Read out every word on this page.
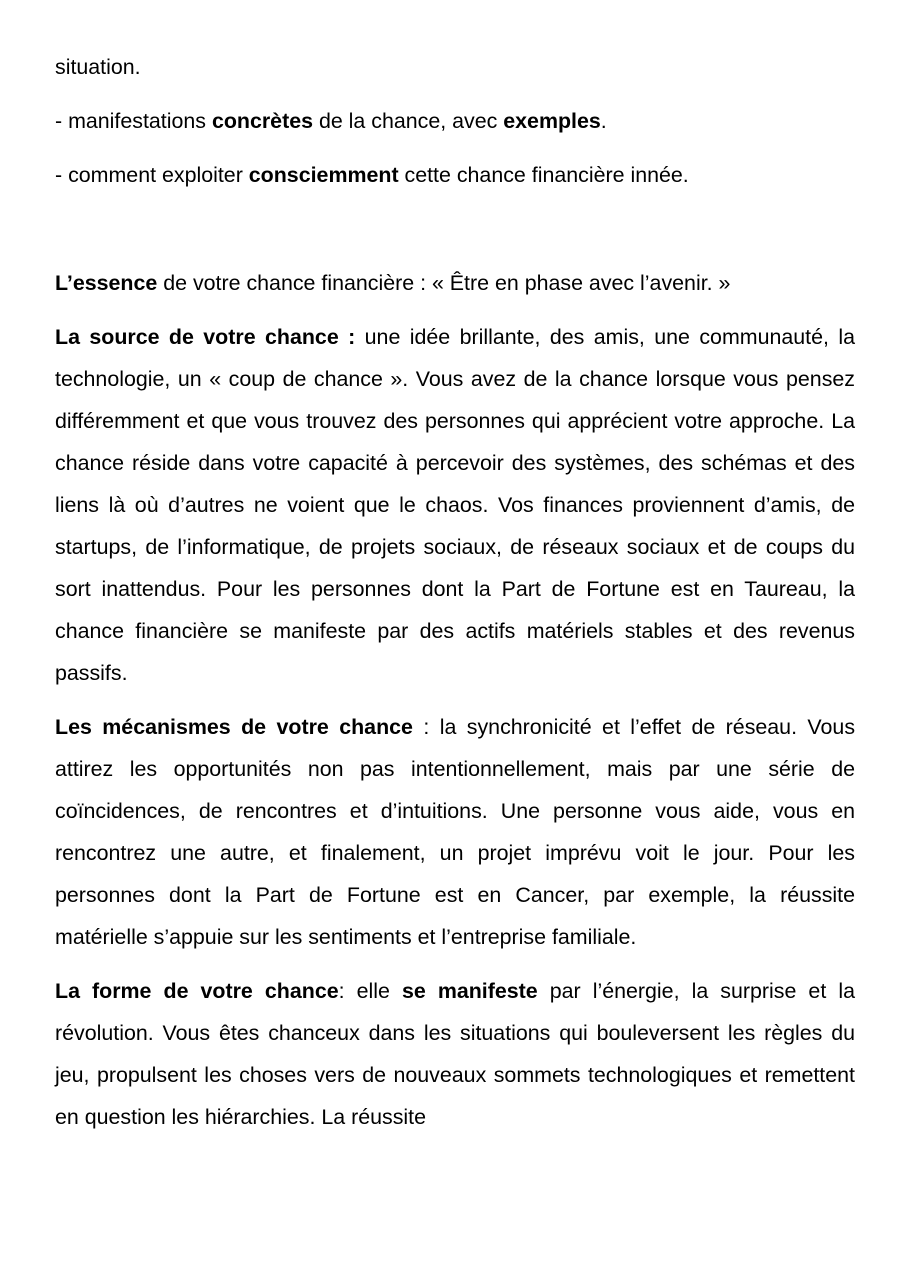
situation.

- manifestations concrètes de la chance, avec exemples.

- comment exploiter consciemment cette chance financière innée.

L’essence de votre chance financière : « Être en phase avec l’avenir. »

La source de votre chance : une idée brillante, des amis, une communauté, la technologie, un « coup de chance ». Vous avez de la chance lorsque vous pensez différemment et que vous trouvez des personnes qui apprécient votre approche. La chance réside dans votre capacité à percevoir des systèmes, des schémas et des liens là où d’autres ne voient que le chaos. Vos finances proviennent d’amis, de startups, de l’informatique, de projets sociaux, de réseaux sociaux et de coups du sort inattendus. Pour les personnes dont la Part de Fortune est en Taureau, la chance financière se manifeste par des actifs matériels stables et des revenus passifs.

Les mécanismes de votre chance : la synchronicité et l’effet de réseau. Vous attirez les opportunités non pas intentionnellement, mais par une série de coïncidences, de rencontres et d’intuitions. Une personne vous aide, vous en rencontrez une autre, et finalement, un projet imprévu voit le jour. Pour les personnes dont la Part de Fortune est en Cancer, par exemple, la réussite matérielle s’appuie sur les sentiments et l’entreprise familiale.

La forme de votre chance: elle se manifeste par l’énergie, la surprise et la révolution. Vous êtes chanceux dans les situations qui bouleversent les règles du jeu, propulsent les choses vers de nouveaux sommets technologiques et remettent en question les hiérarchies. La réussite
